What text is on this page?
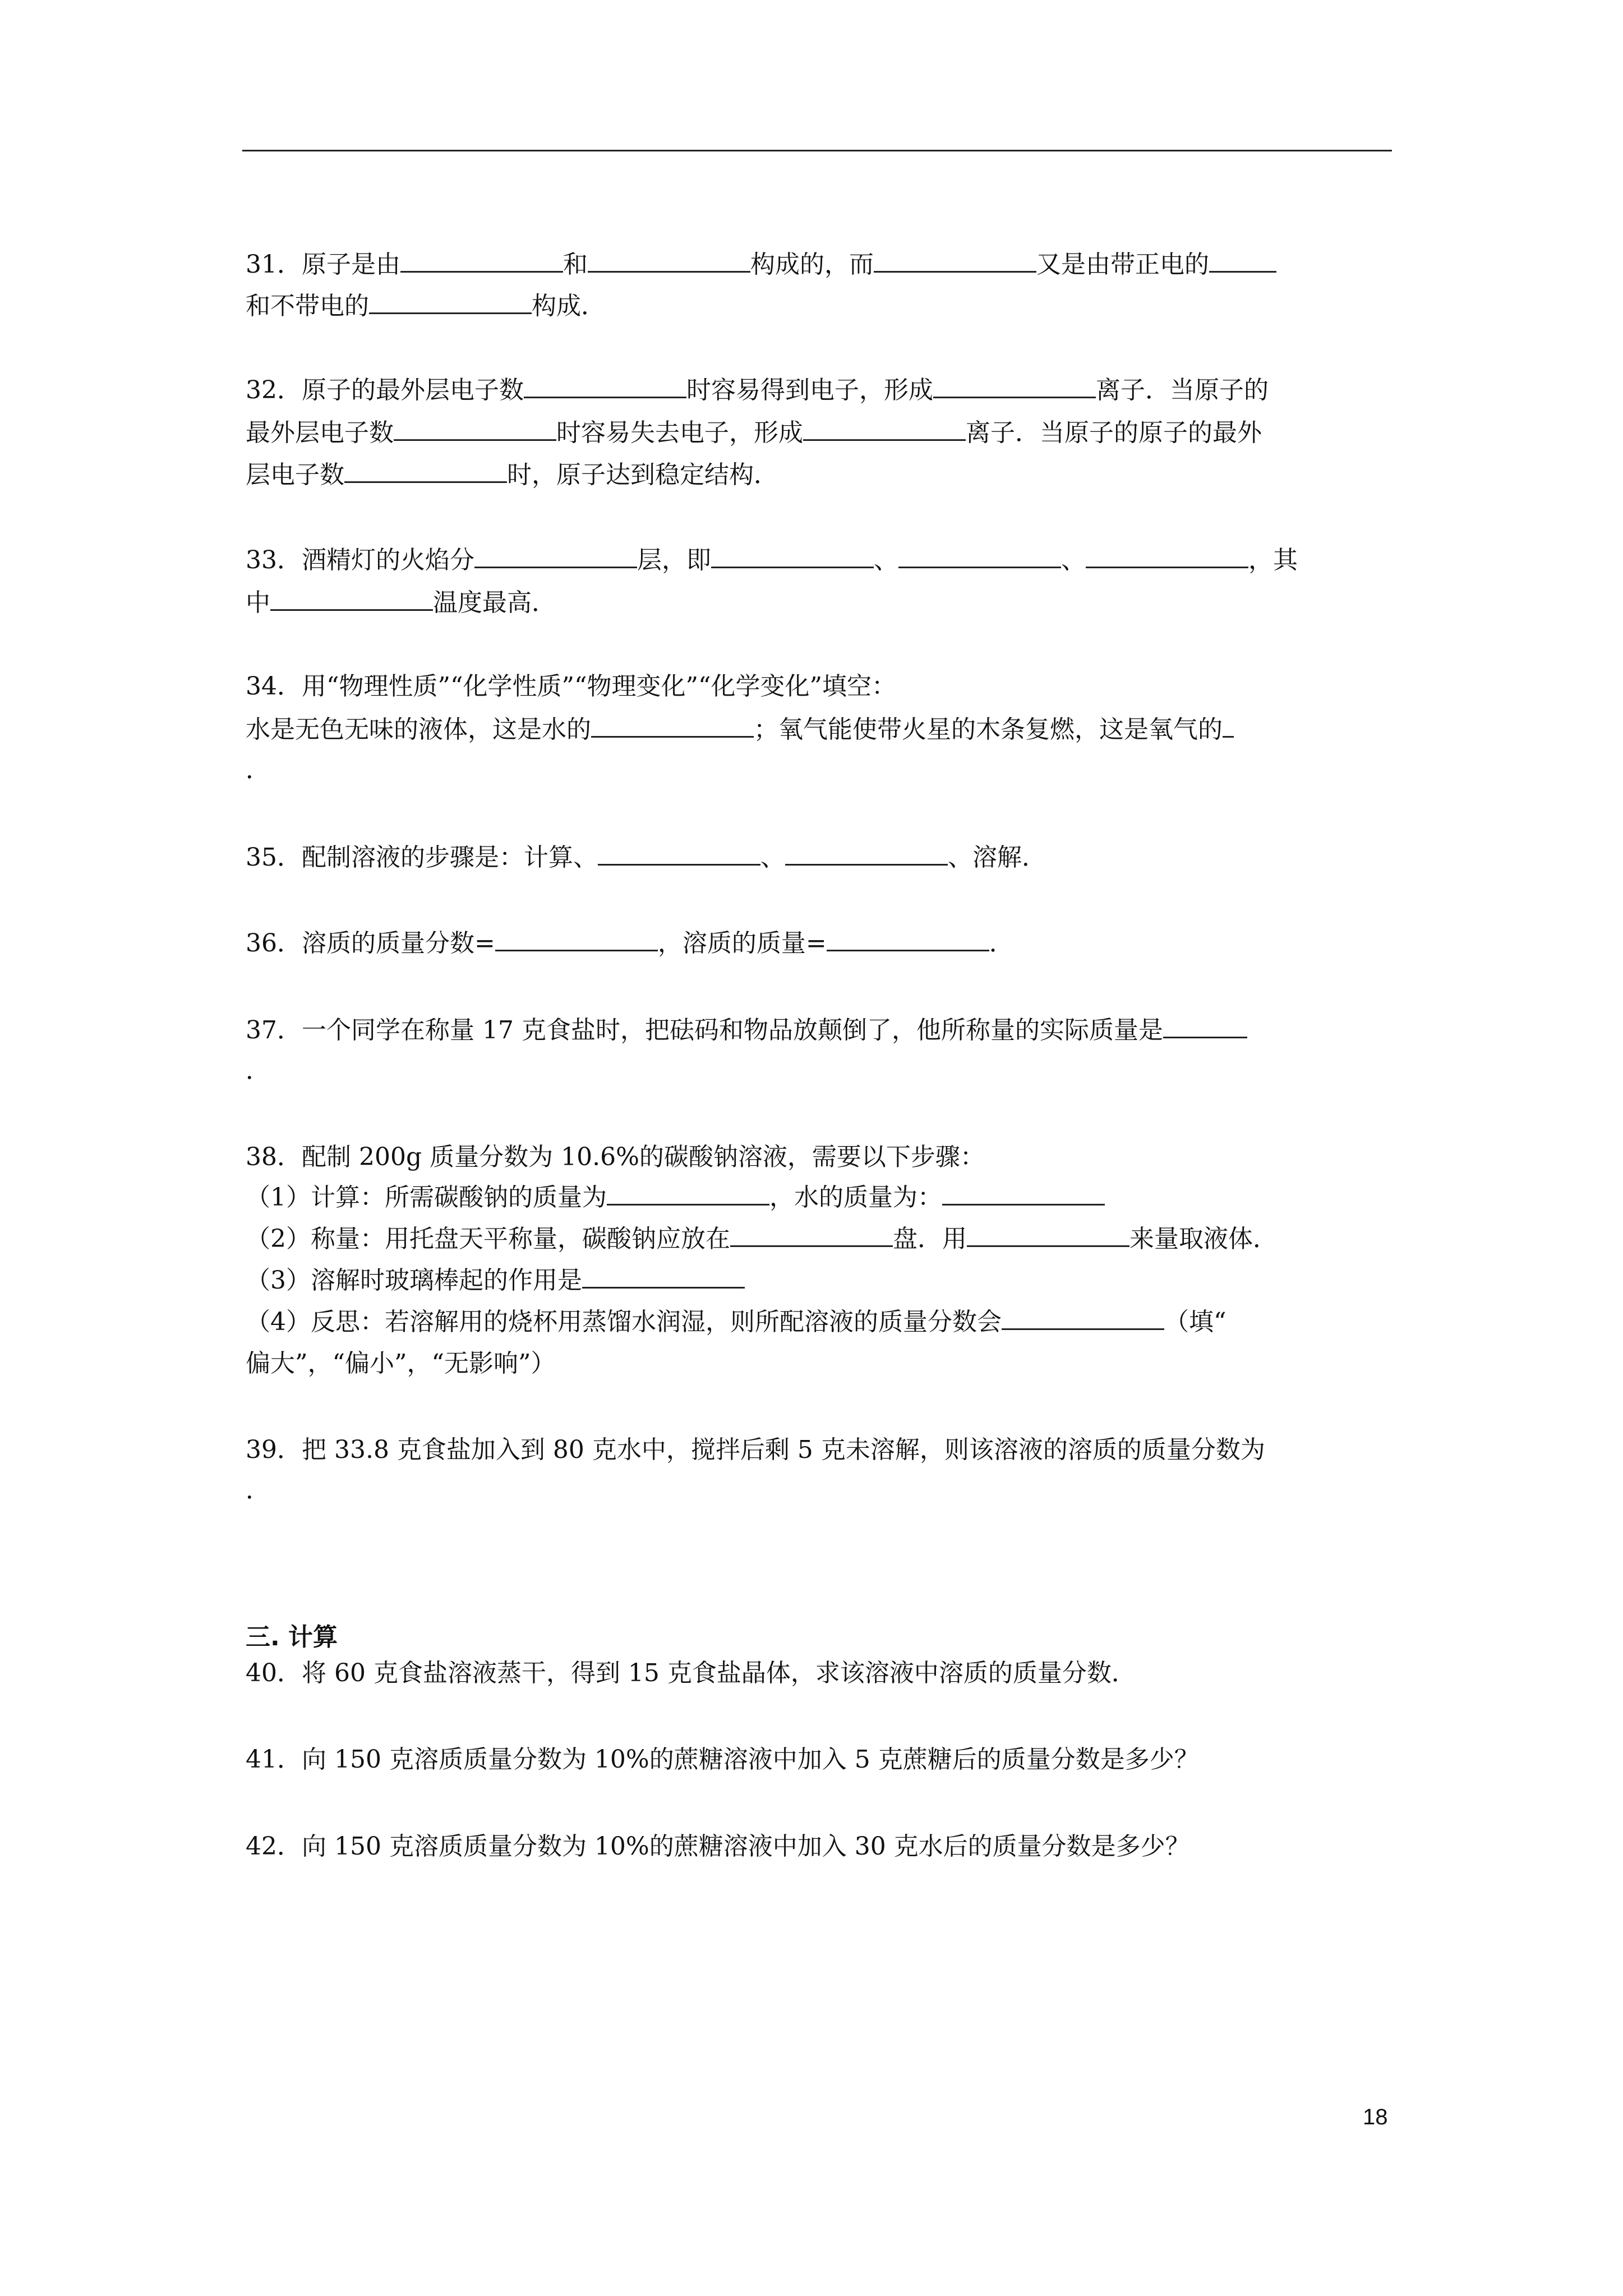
31．原子是由	和	构成的，而	又是由带正电的
和不带电的	构成．
32．原子的最外层电子数	时容易得到电子，形成	离子．当原子的
最外层电子数	时容易失去电子，形成	离子．当原子的原子的最外
层电子数	时，原子达到稳定结构．
33．酒精灯的火焰分	层，即	、	、	，其
中	温度最高．
34．用“物理性质”“化学性质”“物理变化”“化学变化”填空：
水是无色无味的液体，这是水的	；氧气能使带火星的木条复燃，这是氧气的
．
35．配制溶液的步骤是：计算、	、	、溶解．
36．溶质的质量分数=	，溶质的质量=	．
37．一个同学在称量 17 克食盐时，把砝码和物品放颠倒了，他所称量的实际质量是
．
38．配制 200g 质量分数为 10.6%的碳酸钠溶液，需要以下步骤：
（1）计算：所需碳酸钠的质量为	，水的质量为：
（2）称量：用托盘天平称量，碳酸钠应放在	盘．用	来量取液体．
（3）溶解时玻璃棒起的作用是
（4）反思：若溶解用的烧杯用蒸馏水润湿，则所配溶液的质量分数会	（填“
偏大”，“偏小”，“无影响”）
39．把 33.8 克食盐加入到 80 克水中，搅拌后剩 5 克未溶解，则该溶液的溶质的质量分数为
．
三. 计算
40．将 60 克食盐溶液蒸干，得到 15 克食盐晶体，求该溶液中溶质的质量分数．
41．向 150 克溶质质量分数为 10%的蔗糖溶液中加入 5 克蔗糖后的质量分数是多少？
42．向 150 克溶质质量分数为 10%的蔗糖溶液中加入 30 克水后的质量分数是多少？
18
